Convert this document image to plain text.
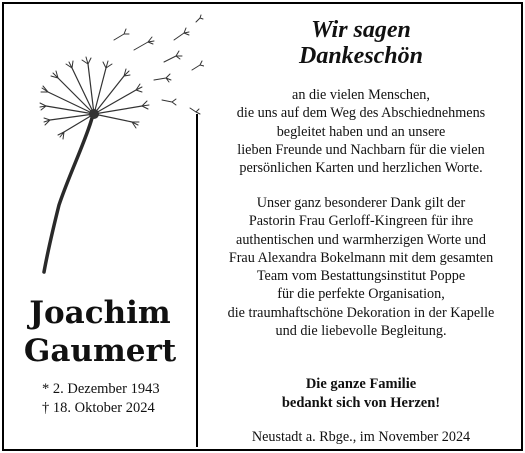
Joachim
Gaumert
* 2. Dezember 1943
† 18. Oktober 2024
Wir sagen
Dankeschön
an die vielen Menschen,
die uns auf dem Weg des Abschiednehmens
begleitet haben und an unsere
lieben Freunde und Nachbarn für die vielen
persönlichen Karten und herzlichen Worte.
Unser ganz besonderer Dank gilt der
Pastorin Frau Gerloff-Kingreen für ihre
authentischen und warmherzigen Worte und
Frau Alexandra Bokelmann mit dem gesamten
Team vom Bestattungsinstitut Poppe
für die perfekte Organisation,
die traumhaftschöne Dekoration in der Kapelle
und die liebevolle Begleitung.
Die ganze Familie
bedankt sich von Herzen!
Neustadt a. Rbge., im November 2024
